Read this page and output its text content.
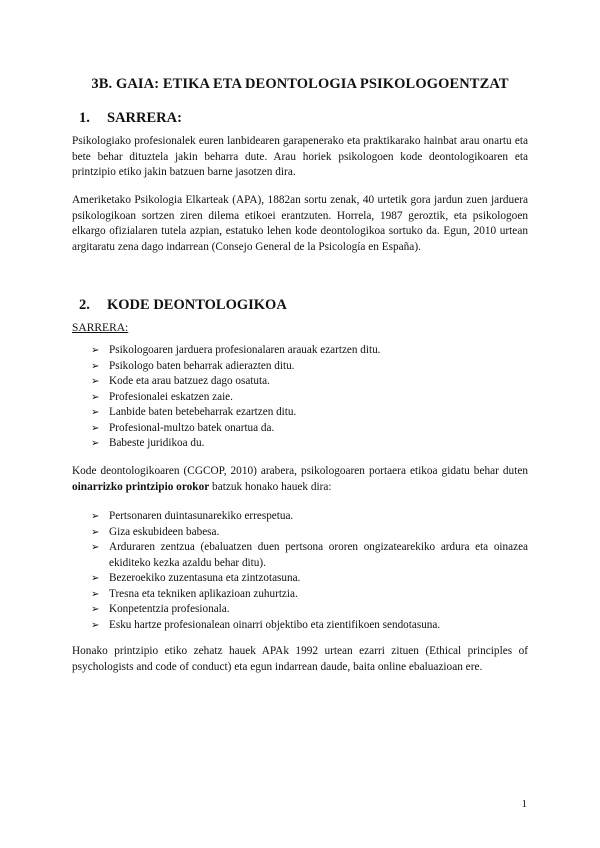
3B. GAIA: ETIKA ETA DEONTOLOGIA PSIKOLOGOENTZAT
1. SARRERA:
Psikologiako profesionalek euren lanbidearen garapenerako eta praktikarako hainbat arau onartu eta bete behar dituztela jakin beharra dute. Arau horiek psikologoen kode deontologikoaren eta printzipio etiko jakin batzuen barne jasotzen dira.
Ameriketako Psikologia Elkarteak (APA), 1882an sortu zenak, 40 urtetik gora jardun zuen jarduera psikologikoan sortzen ziren dilema etikoei erantzuten. Horrela, 1987 geroztik, eta psikologoen elkargo ofizialaren tutela azpian, estatuko lehen kode deontologikoa sortuko da. Egun, 2010 urtean argitaratu zena dago indarrean (Consejo General de la Psicología en España).
2. KODE DEONTOLOGIKOA
SARRERA:
➢ Psikologoaren jarduera profesionalaren arauak ezartzen ditu.
➢ Psikologo baten beharrak adierazten ditu.
➢ Kode eta arau batzuez dago osatuta.
➢ Profesionalei eskatzen zaie.
➢ Lanbide baten betebeharrak ezartzen ditu.
➢ Profesional-multzo batek onartua da.
➢ Babeste juridikoa du.
Kode deontologikoaren (CGCOP, 2010) arabera, psikologoaren portaera etikoa gidatu behar duten oinarrizko printzipio orokor batzuk honako hauek dira:
➢ Pertsonaren duintasunarekiko errespetua.
➢ Giza eskubideen babesa.
➢ Arduraren zentzua (ebaluatzen duen pertsona ororen ongizatearekiko ardura eta oinazea ekiditeko kezka azaldu behar ditu).
➢ Bezeroekiko zuzentasuna eta zintzotasuna.
➢ Tresna eta tekniken aplikazioan zuhurtzia.
➢ Konpetentzia profesionala.
➢ Esku hartze profesionalean oinarri objektibo eta zientifikoen sendotasuna.
Honako printzipio etiko zehatz hauek APAk 1992 urtean ezarri zituen (Ethical principles of psychologists and code of conduct) eta egun indarrean daude, baita online ebaluazioan ere.
1
